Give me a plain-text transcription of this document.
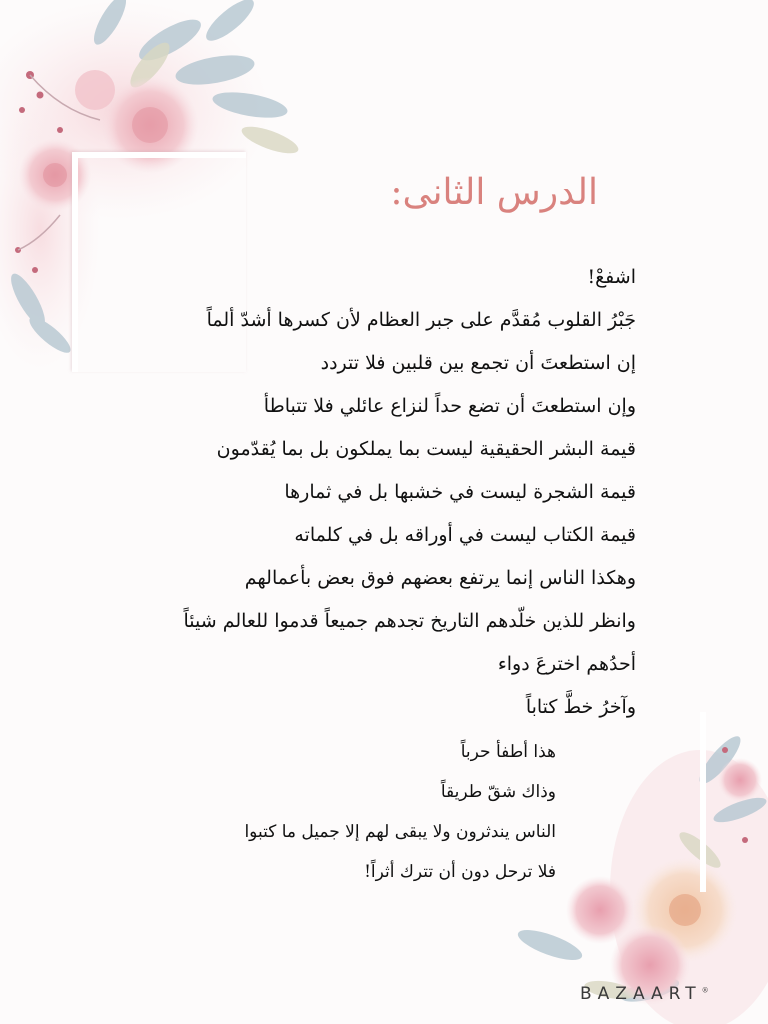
الدرس الثانى:
اشفعْ!
جَبْرُ القلوب مُقدَّم على جبر العظام لأن كسرها أشدّ ألماً
إن استطعتَ أن تجمع بين قلبين فلا تتردد
وإن استطعتَ أن تضع حداً لنزاع عائلي فلا تتباطأ
قيمة البشر الحقيقية ليست بما يملكون بل بما يُقدّمون
قيمة الشجرة ليست في خشبها بل في ثمارها
قيمة الكتاب ليست في أوراقه بل في كلماته
وهكذا الناس إنما يرتفع بعضهم فوق بعض بأعمالهم
وانظر للذين خلّدهم التاريخ تجدهم جميعاً قدموا للعالم شيئاً
أحدُهم اخترعَ دواء
وآخرُ خطَّ كتاباً
هذا أطفأ حرباً
وذاك شقّ طريقاً
الناس يندثرون ولا يبقى لهم إلا جميل ما كتبوا
فلا ترحل دون أن تترك أثراً!
BAZAART®
